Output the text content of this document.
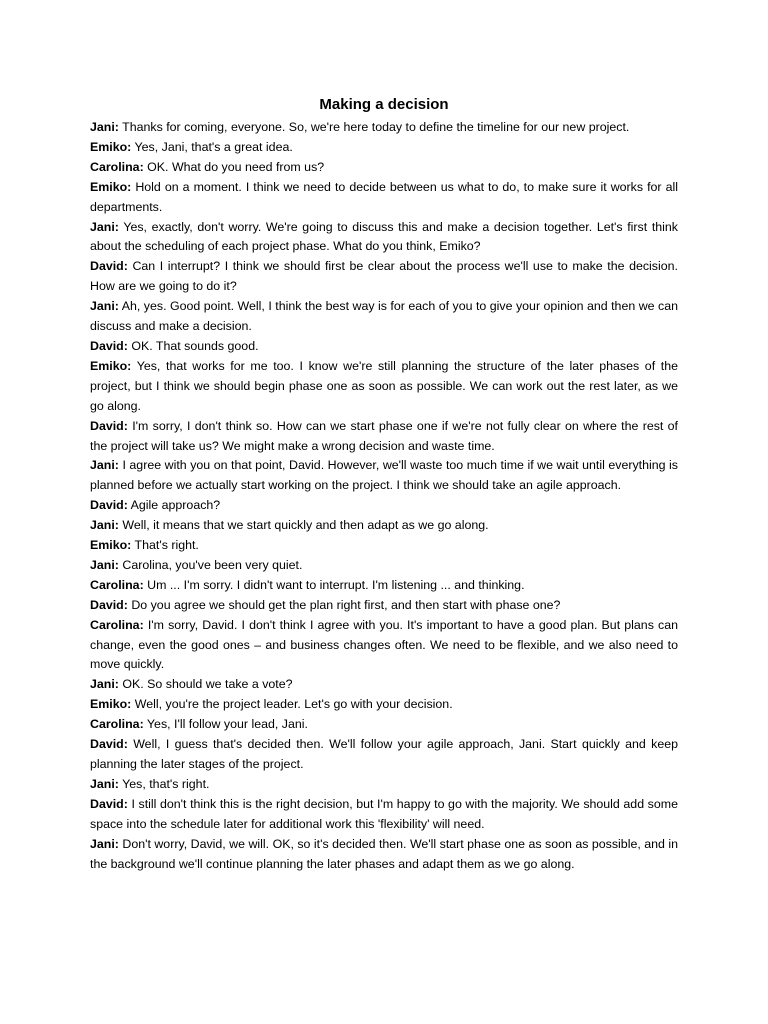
Making a decision

Jani: Thanks for coming, everyone. So, we're here today to define the timeline for our new project.

Emiko: Yes, Jani, that's a great idea.

Carolina: OK. What do you need from us?

Emiko: Hold on a moment. I think we need to decide between us what to do, to make sure it works for all departments.

Jani: Yes, exactly, don't worry. We're going to discuss this and make a decision together. Let's first think about the scheduling of each project phase. What do you think, Emiko?

David: Can I interrupt? I think we should first be clear about the process we'll use to make the decision. How are we going to do it?

Jani: Ah, yes. Good point. Well, I think the best way is for each of you to give your opinion and then we can discuss and make a decision.

David: OK. That sounds good.

Emiko: Yes, that works for me too. I know we're still planning the structure of the later phases of the project, but I think we should begin phase one as soon as possible. We can work out the rest later, as we go along.

David: I'm sorry, I don't think so. How can we start phase one if we're not fully clear on where the rest of the project will take us? We might make a wrong decision and waste time.

Jani: I agree with you on that point, David. However, we'll waste too much time if we wait until everything is planned before we actually start working on the project. I think we should take an agile approach.

David: Agile approach?

Jani: Well, it means that we start quickly and then adapt as we go along.

Emiko: That's right.

Jani: Carolina, you've been very quiet.

Carolina: Um ... I'm sorry. I didn't want to interrupt. I'm listening ... and thinking.

David: Do you agree we should get the plan right first, and then start with phase one?

Carolina: I'm sorry, David. I don't think I agree with you. It's important to have a good plan. But plans can change, even the good ones – and business changes often. We need to be flexible, and we also need to move quickly.

Jani: OK. So should we take a vote?

Emiko: Well, you're the project leader. Let's go with your decision.

Carolina: Yes, I'll follow your lead, Jani.

David: Well, I guess that's decided then. We'll follow your agile approach, Jani. Start quickly and keep planning the later stages of the project.

Jani: Yes, that's right.

David: I still don't think this is the right decision, but I'm happy to go with the majority. We should add some space into the schedule later for additional work this 'flexibility' will need.

Jani: Don't worry, David, we will. OK, so it's decided then. We'll start phase one as soon as possible, and in the background we'll continue planning the later phases and adapt them as we go along.
